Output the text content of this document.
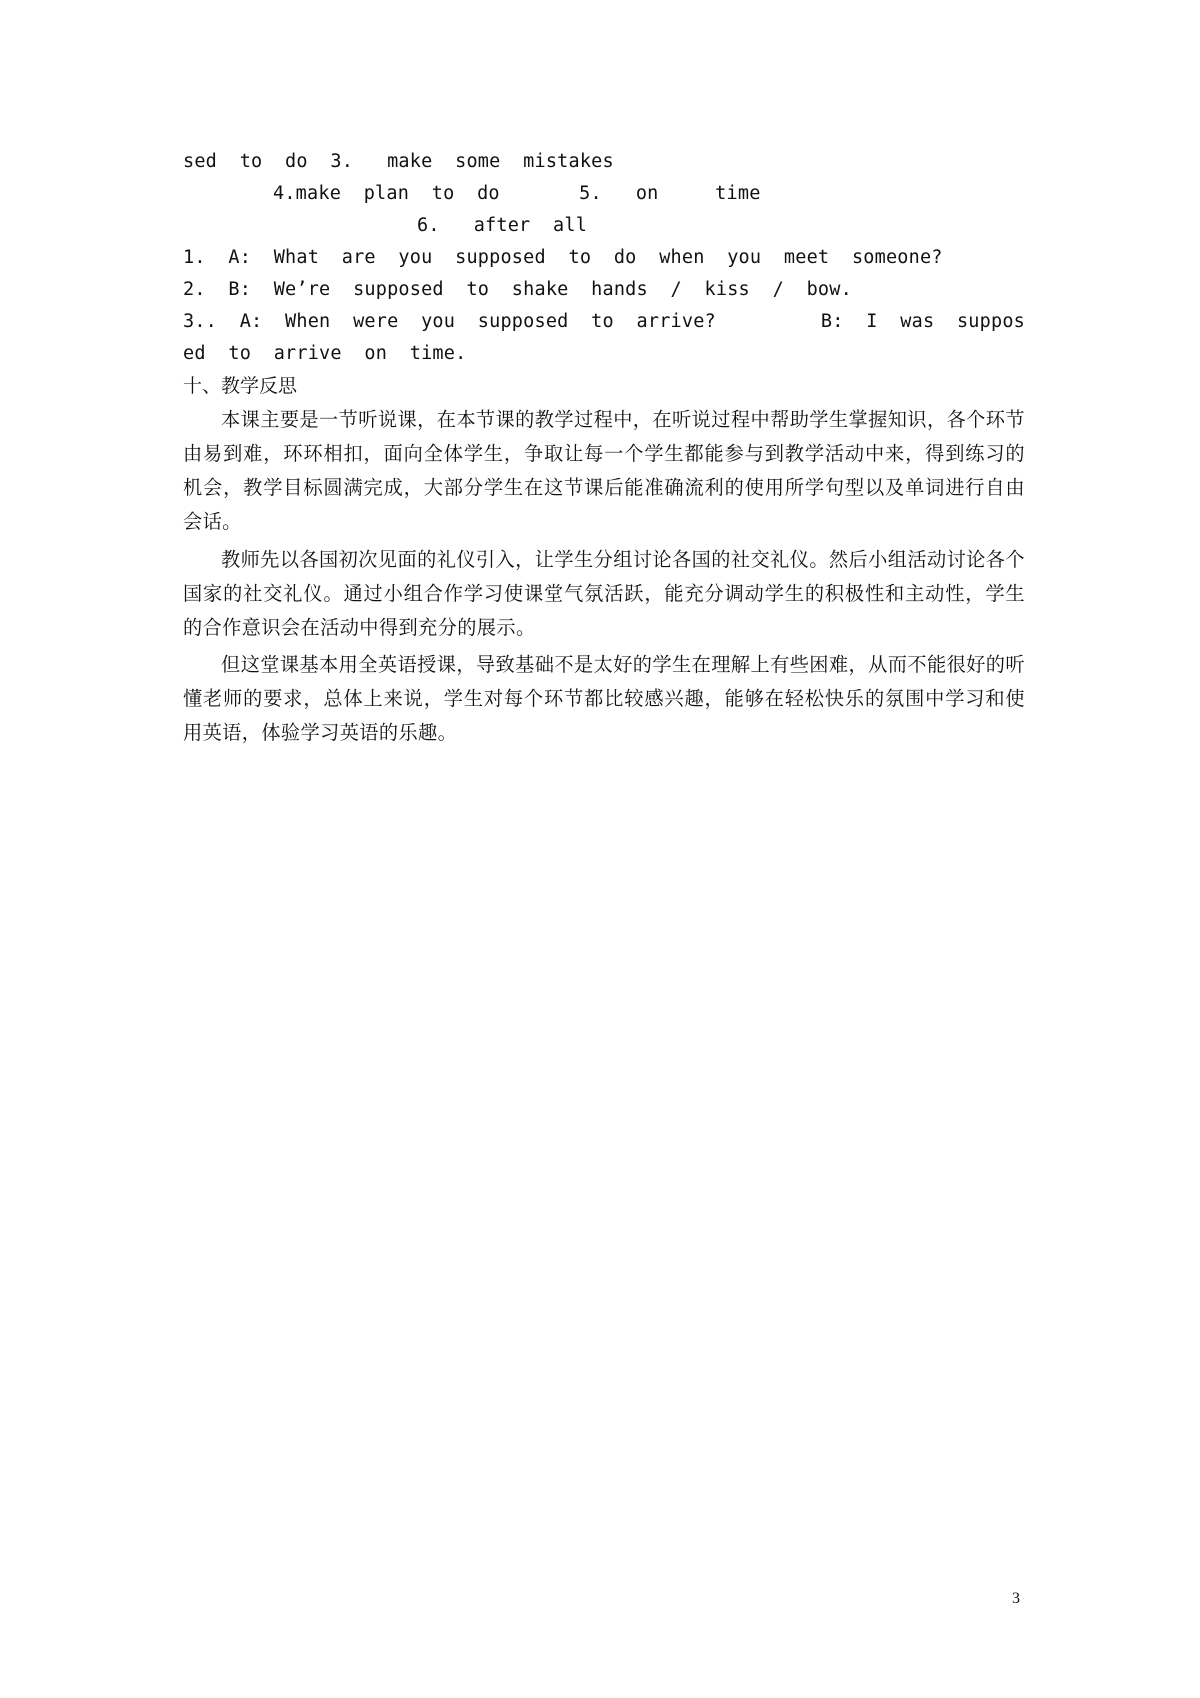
sed  to  do  3.   make  some  mistakes
4.make  plan  to  do       5.   on     time
6.   after  all
1.  A:  What  are  you  supposed  to  do  when  you  meet  someone?
2.  B:  We’re  supposed  to  shake  hands  /  kiss  /  bow.
3..  A:  When  were  you  supposed  to  arrive?	B:  I  was  suppos
ed  to  arrive  on  time.
十、教学反思
本课主要是一节听说课，在本节课的教学过程中，在听说过程中帮助学生掌握知识，各个环节由易到难，环环相扣，面向全体学生，争取让每一个学生都能参与到教学活动中来，得到练习的机会，教学目标圆满完成，大部分学生在这节课后能准确流利的使用所学句型以及单词进行自由会话。
教师先以各国初次见面的礼仪引入，让学生分组讨论各国的社交礼仪。然后小组活动讨论各个国家的社交礼仪。通过小组合作学习使课堂气氛活跃，能充分调动学生的积极性和主动性，学生的合作意识会在活动中得到充分的展示。
但这堂课基本用全英语授课，导致基础不是太好的学生在理解上有些困难，从而不能很好的听懂老师的要求，总体上来说，学生对每个环节都比较感兴趣，能够在轻松快乐的氛围中学习和使用英语，体验学习英语的乐趣。
3
